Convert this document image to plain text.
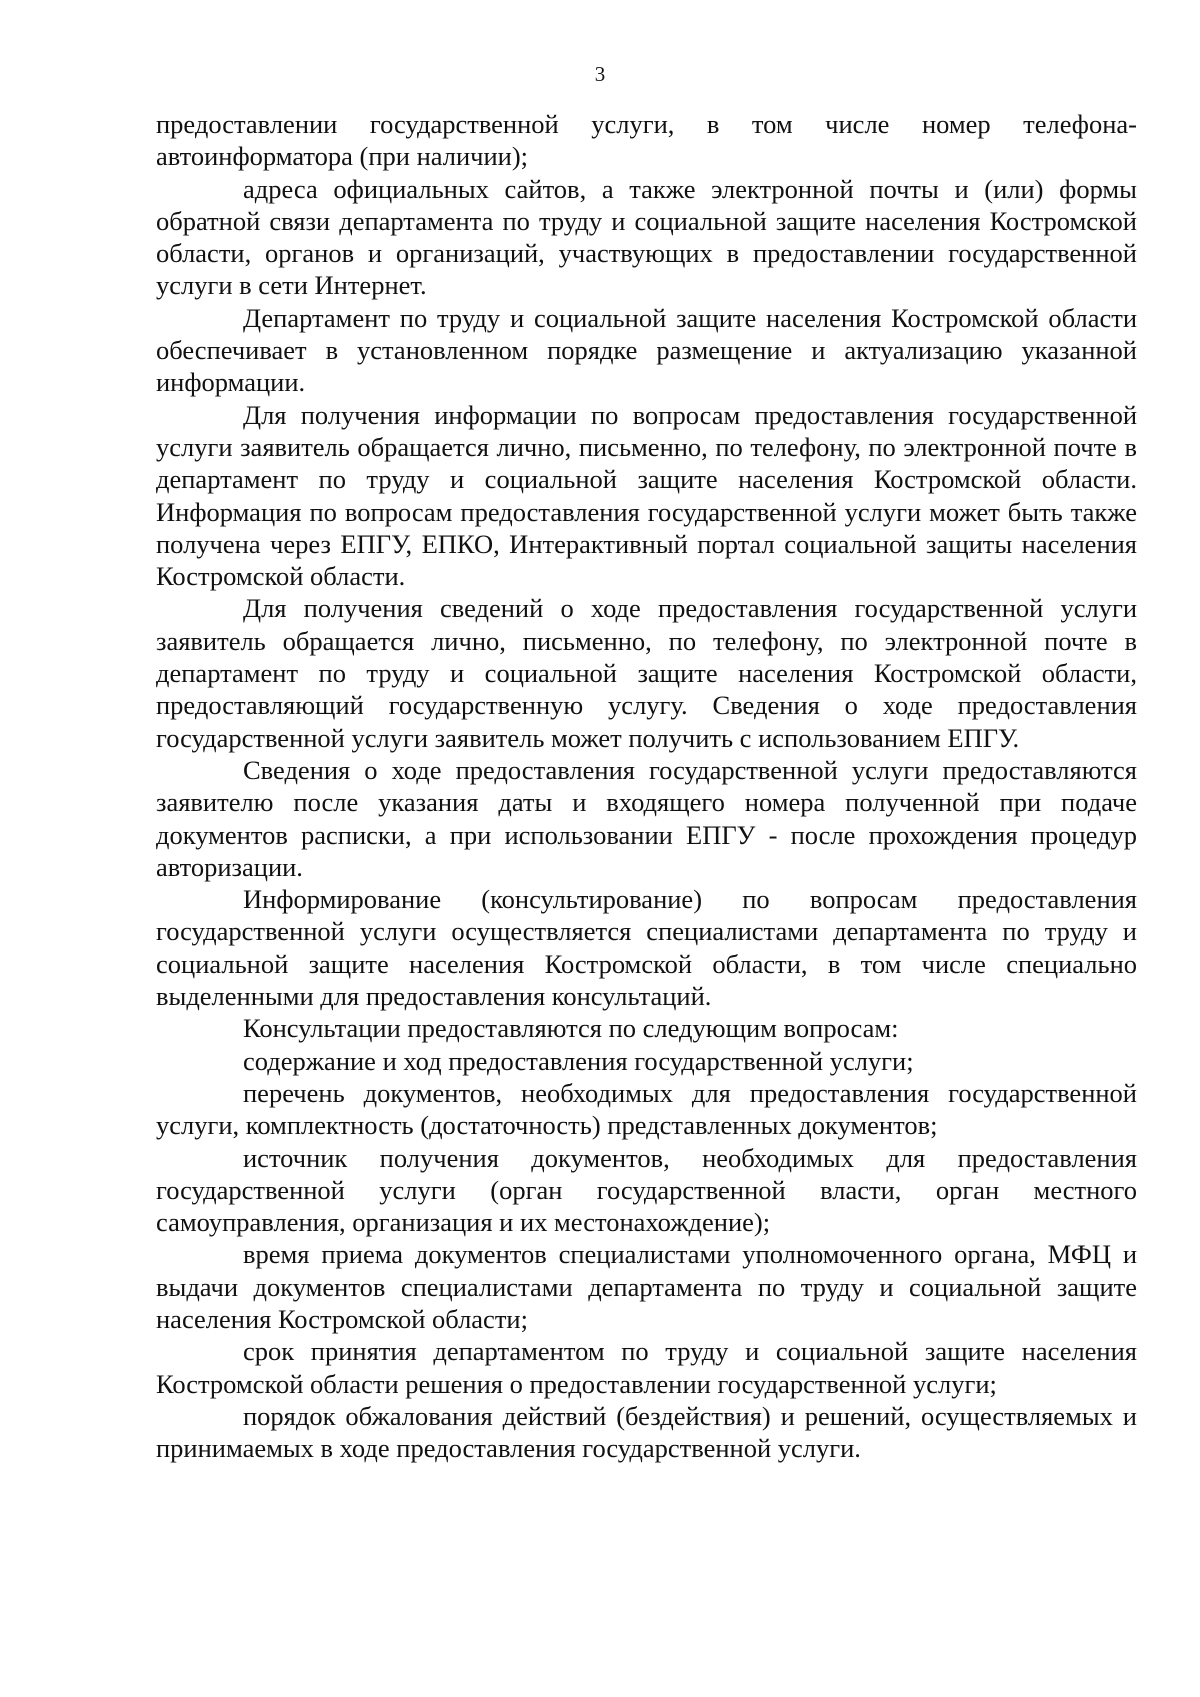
3

предоставлении государственной услуги, в том числе номер телефона-автоинформатора (при наличии);

адреса официальных сайтов, а также электронной почты и (или) формы обратной связи департамента по труду и социальной защите населения Костромской области, органов и организаций, участвующих в предоставлении государственной услуги в сети Интернет.

Департамент по труду и социальной защите населения Костромской области обеспечивает в установленном порядке размещение и актуализацию указанной информации.

Для получения информации по вопросам предоставления государственной услуги заявитель обращается лично, письменно, по телефону, по электронной почте в департамент по труду и социальной защите населения Костромской области. Информация по вопросам предоставления государственной услуги может быть также получена через ЕПГУ, ЕПКО, Интерактивный портал социальной защиты населения Костромской области.

Для получения сведений о ходе предоставления государственной услуги заявитель обращается лично, письменно, по телефону, по электронной почте в департамент по труду и социальной защите населения Костромской области, предоставляющий государственную услугу. Сведения о ходе предоставления государственной услуги заявитель может получить с использованием ЕПГУ.

Сведения о ходе предоставления государственной услуги предоставляются заявителю после указания даты и входящего номера полученной при подаче документов расписки, а при использовании ЕПГУ - после прохождения процедур авторизации.

Информирование (консультирование) по вопросам предоставления государственной услуги осуществляется специалистами департамента по труду и социальной защите населения Костромской области, в том числе специально выделенными для предоставления консультаций.

Консультации предоставляются по следующим вопросам:

содержание и ход предоставления государственной услуги;

перечень документов, необходимых для предоставления государственной услуги, комплектность (достаточность) представленных документов;

источник получения документов, необходимых для предоставления государственной услуги (орган государственной власти, орган местного самоуправления, организация и их местонахождение);

время приема документов специалистами уполномоченного органа, МФЦ и выдачи документов специалистами департамента по труду и социальной защите населения Костромской области;

срок принятия департаментом по труду и социальной защите населения Костромской области решения о предоставлении государственной услуги;

порядок обжалования действий (бездействия) и решений, осуществляемых и принимаемых в ходе предоставления государственной услуги.
